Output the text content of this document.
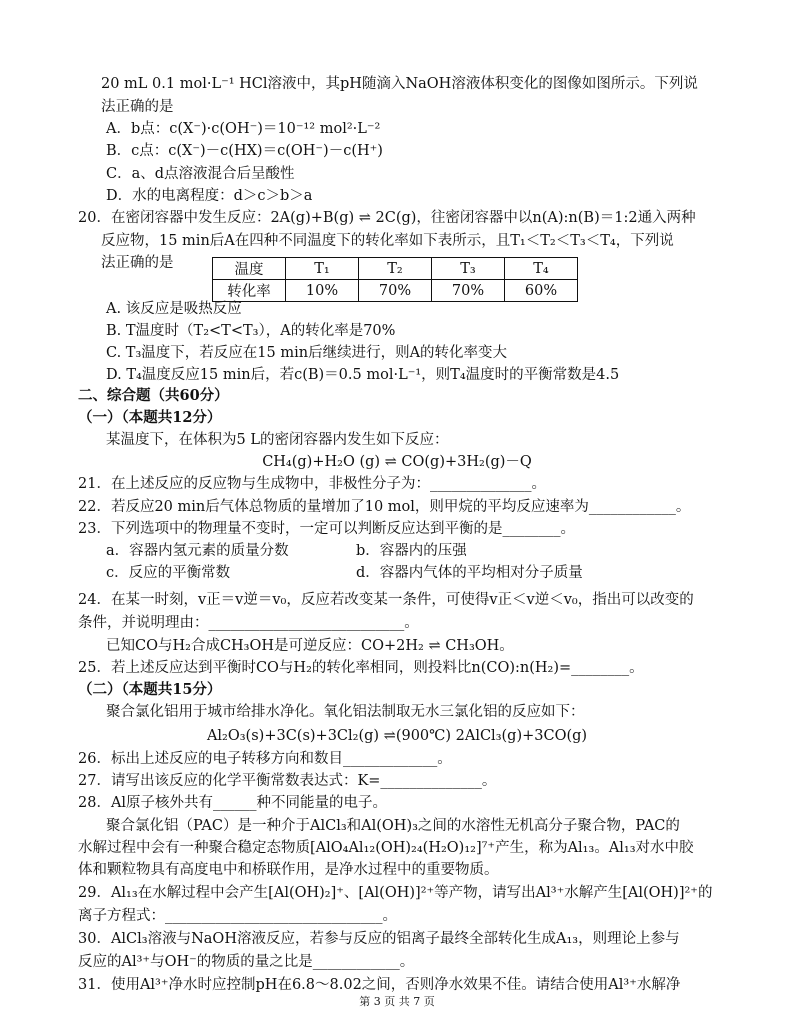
20 mL 0.1 mol·L⁻¹ HCl溶液中，其pH随滴入NaOH溶液体积变化的图像如图所示。下列说
法正确的是
A．b点：c(X⁻)·c(OH⁻)＝10⁻¹² mol²·L⁻²
B．c点：c(X⁻)－c(HX)＝c(OH⁻)－c(H⁺)
C．a、d点溶液混合后呈酸性
D．水的电离程度：d＞c＞b＞a
20．在密闭容器中发生反应：2A(g)+B(g) ⇌ 2C(g)，往密闭容器中以n(A):n(B)＝1:2通入两种
反应物，15 min后A在四种不同温度下的转化率如下表所示，且T₁＜T₂＜T₃＜T₄，下列说
法正确的是	温度	T₁	T₂	T₃	T₄
转化率	10%	70%	70%	60%
A. 该反应是吸热反应
B. T温度时（T₂<T<T₃），A的转化率是70%
C. T₃温度下，若反应在15 min后继续进行，则A的转化率变大
D. T₄温度反应15 min后，若c(B)＝0.5 mol·L⁻¹，则T₄温度时的平衡常数是4.5
二、综合题（共60分）
（一）（本题共12分）
某温度下，在体积为5 L的密闭容器内发生如下反应：
CH₄(g)+H₂O (g) ⇌ CO(g)+3H₂(g)－Q
21．在上述反应的反应物与生成物中，非极性分子为：______________。
22．若反应20 min后气体总物质的量增加了10 mol，则甲烷的平均反应速率为____________。
23．下列选项中的物理量不变时，一定可以判断反应达到平衡的是________。
a．容器内氢元素的质量分数	b．容器内的压强
c．反应的平衡常数	d．容器内气体的平均相对分子质量
24．在某一时刻，v正＝v逆＝v₀，反应若改变某一条件，可使得v正＜v逆＜v₀，指出可以改变的
条件，并说明理由：___________________________。
已知CO与H₂合成CH₃OH是可逆反应：CO+2H₂ ⇌ CH₃OH。
25．若上述反应达到平衡时CO与H₂的转化率相同，则投料比n(CO):n(H₂)=________。
（二）（本题共15分）
聚合氯化铝用于城市给排水净化。氧化铝法制取无水三氯化铝的反应如下：
Al₂O₃(s)+3C(s)+3Cl₂(g) ⇌(900℃) 2AlCl₃(g)+3CO(g)
26．标出上述反应的电子转移方向和数目_____________。
27．请写出该反应的化学平衡常数表达式：K=______________。
28．Al原子核外共有______种不同能量的电子。
聚合氯化铝（PAC）是一种介于AlCl₃和Al(OH)₃之间的水溶性无机高分子聚合物，PAC的
水解过程中会有一种聚合稳定态物质[AlO₄Al₁₂(OH)₂₄(H₂O)₁₂]⁷⁺产生，称为Al₁₃。Al₁₃对水中胶
体和颗粒物具有高度电中和桥联作用，是净水过程中的重要物质。
29．Al₁₃在水解过程中会产生[Al(OH)₂]⁺、[Al(OH)]²⁺等产物，请写出Al³⁺水解产生[Al(OH)]²⁺的
离子方程式：______________________________。
30．AlCl₃溶液与NaOH溶液反应，若参与反应的铝离子最终全部转化生成A₁₃，则理论上参与
反应的Al³⁺与OH⁻的物质的量之比是____________。
31．使用Al³⁺净水时应控制pH在6.8～8.02之间，否则净水效果不佳。请结合使用Al³⁺水解净
第 3 页 共 7 页
